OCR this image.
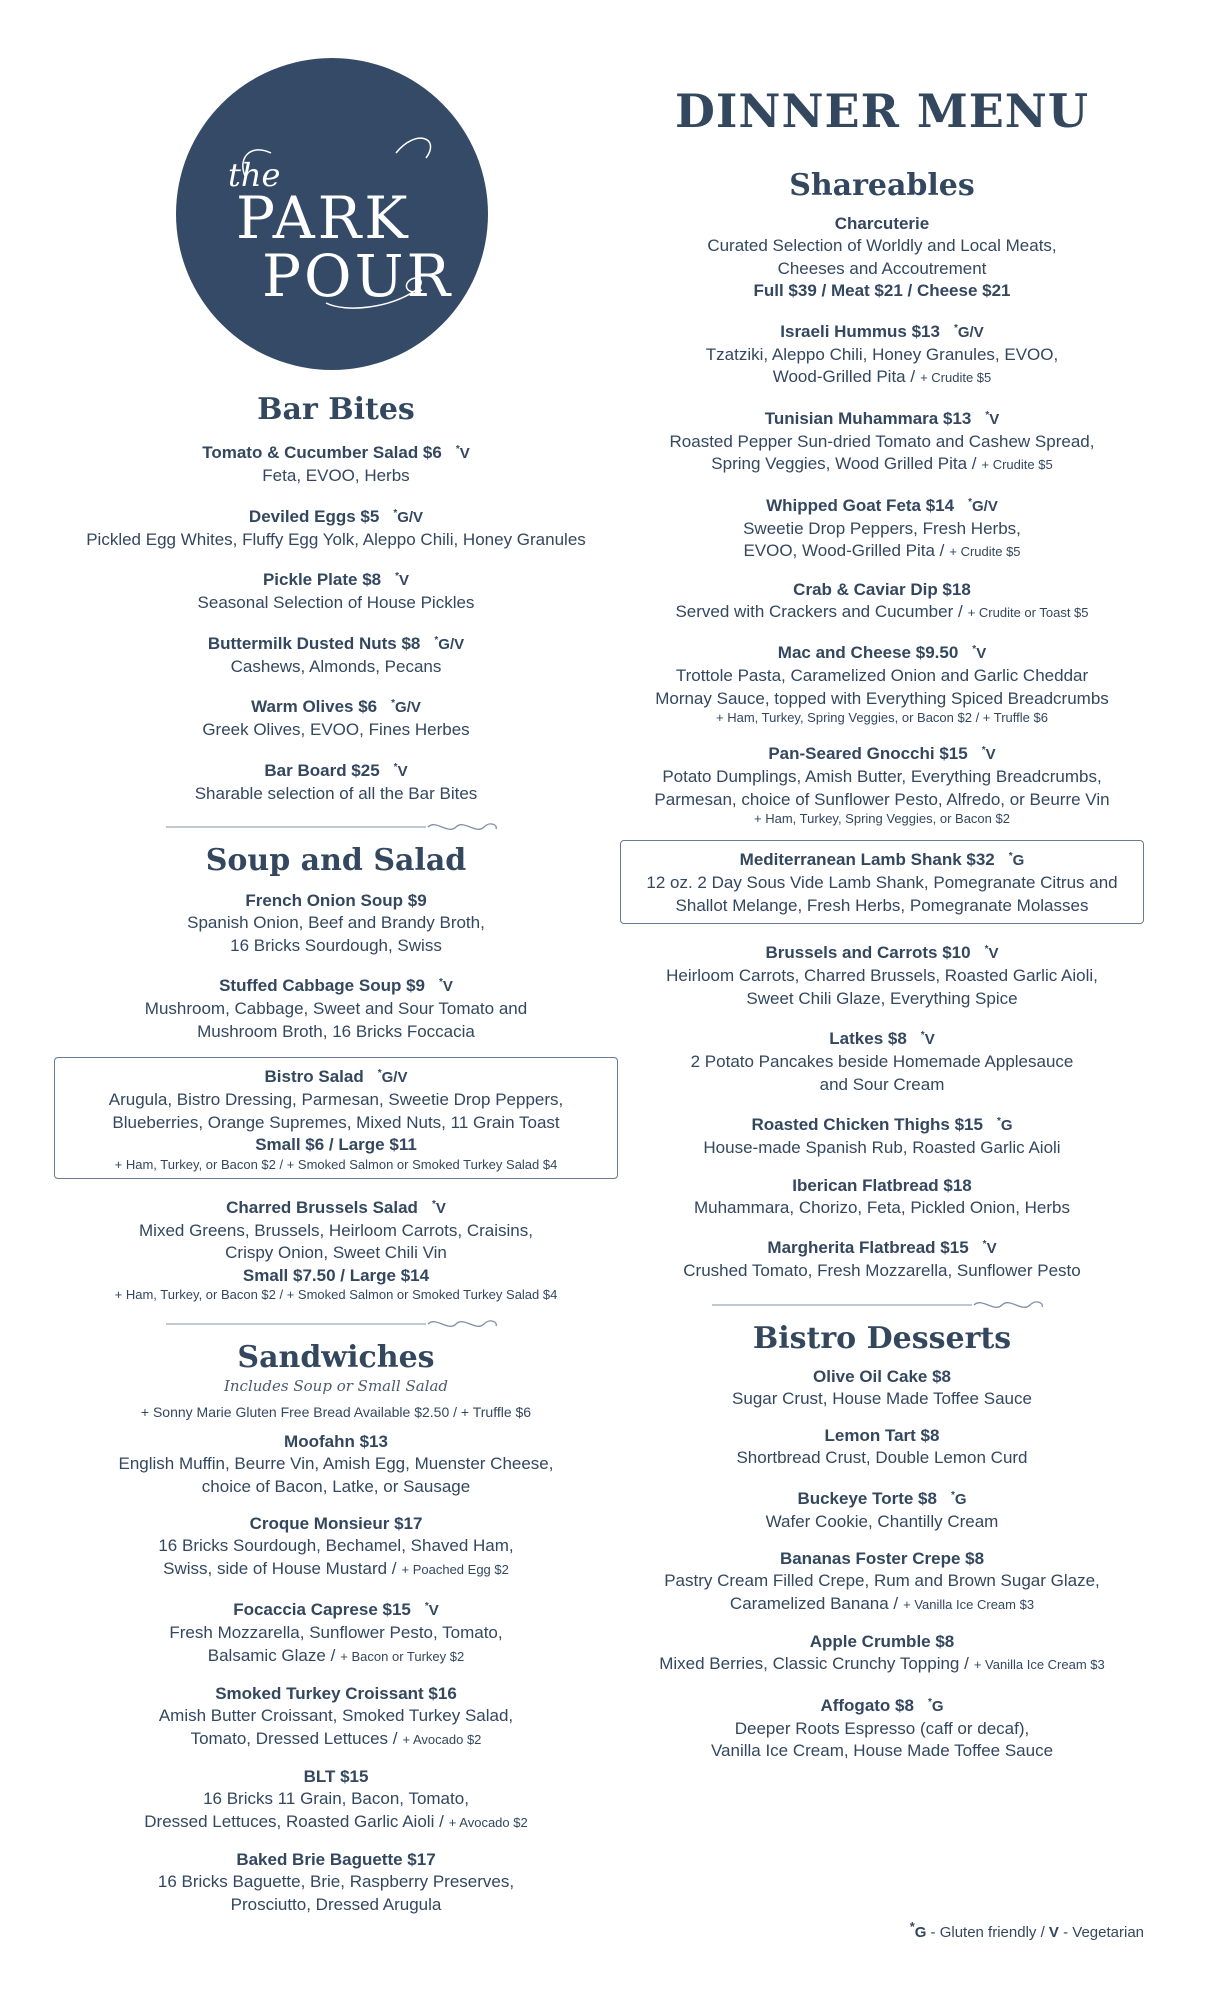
the
PARK
POUR
DINNER MENU
Bar Bites
Tomato & Cucumber Salad $6 *V
Feta, EVOO, Herbs
Deviled Eggs $5 *G/V
Pickled Egg Whites, Fluffy Egg Yolk, Aleppo Chili, Honey Granules
Pickle Plate $8 *V
Seasonal Selection of House Pickles
Buttermilk Dusted Nuts $8 *G/V
Cashews, Almonds, Pecans
Warm Olives $6 *G/V
Greek Olives, EVOO, Fines Herbes
Bar Board $25 *V
Sharable selection of all the Bar Bites
Soup and Salad
French Onion Soup $9
Spanish Onion, Beef and Brandy Broth,
16 Bricks Sourdough, Swiss
Stuffed Cabbage Soup $9 *V
Mushroom, Cabbage, Sweet and Sour Tomato and
Mushroom Broth, 16 Bricks Foccacia
Bistro Salad *G/V
Arugula, Bistro Dressing, Parmesan, Sweetie Drop Peppers,
Blueberries, Orange Supremes, Mixed Nuts, 11 Grain Toast
Small $6 / Large $11
+ Ham, Turkey, or Bacon $2 / + Smoked Salmon or Smoked Turkey Salad $4
Charred Brussels Salad *V
Mixed Greens, Brussels, Heirloom Carrots, Craisins,
Crispy Onion, Sweet Chili Vin
Small $7.50 / Large $14
+ Ham, Turkey, or Bacon $2 / + Smoked Salmon or Smoked Turkey Salad $4
Sandwiches
Includes Soup or Small Salad
+ Sonny Marie Gluten Free Bread Available $2.50 / + Truffle $6
Moofahn $13
English Muffin, Beurre Vin, Amish Egg, Muenster Cheese,
choice of Bacon, Latke, or Sausage
Croque Monsieur $17
16 Bricks Sourdough, Bechamel, Shaved Ham,
Swiss, side of House Mustard / + Poached Egg $2
Focaccia Caprese $15 *V
Fresh Mozzarella, Sunflower Pesto, Tomato,
Balsamic Glaze / + Bacon or Turkey $2
Smoked Turkey Croissant $16
Amish Butter Croissant, Smoked Turkey Salad,
Tomato, Dressed Lettuces / + Avocado $2
BLT $15
16 Bricks 11 Grain, Bacon, Tomato,
Dressed Lettuces, Roasted Garlic Aioli / + Avocado $2
Baked Brie Baguette $17
16 Bricks Baguette, Brie, Raspberry Preserves,
Prosciutto, Dressed Arugula
Shareables
Charcuterie
Curated Selection of Worldly and Local Meats,
Cheeses and Accoutrement
Full $39 / Meat $21 / Cheese $21
Israeli Hummus $13 *G/V
Tzatziki, Aleppo Chili, Honey Granules, EVOO,
Wood-Grilled Pita / + Crudite $5
Tunisian Muhammara $13 *V
Roasted Pepper Sun-dried Tomato and Cashew Spread,
Spring Veggies, Wood Grilled Pita / + Crudite $5
Whipped Goat Feta $14 *G/V
Sweetie Drop Peppers, Fresh Herbs,
EVOO, Wood-Grilled Pita / + Crudite $5
Crab & Caviar Dip $18
Served with Crackers and Cucumber / + Crudite or Toast $5
Mac and Cheese $9.50 *V
Trottole Pasta, Caramelized Onion and Garlic Cheddar
Mornay Sauce, topped with Everything Spiced Breadcrumbs
+ Ham, Turkey, Spring Veggies, or Bacon $2 / + Truffle $6
Pan-Seared Gnocchi $15 *V
Potato Dumplings, Amish Butter, Everything Breadcrumbs,
Parmesan, choice of Sunflower Pesto, Alfredo, or Beurre Vin
+ Ham, Turkey, Spring Veggies, or Bacon $2
Mediterranean Lamb Shank $32 *G
12 oz. 2 Day Sous Vide Lamb Shank, Pomegranate Citrus and
Shallot Melange, Fresh Herbs, Pomegranate Molasses
Brussels and Carrots $10 *V
Heirloom Carrots, Charred Brussels, Roasted Garlic Aioli,
Sweet Chili Glaze, Everything Spice
Latkes $8 *V
2 Potato Pancakes beside Homemade Applesauce
and Sour Cream
Roasted Chicken Thighs $15 *G
House-made Spanish Rub, Roasted Garlic Aioli
Iberican Flatbread $18
Muhammara, Chorizo, Feta, Pickled Onion, Herbs
Margherita Flatbread $15 *V
Crushed Tomato, Fresh Mozzarella, Sunflower Pesto
Bistro Desserts
Olive Oil Cake $8
Sugar Crust, House Made Toffee Sauce
Lemon Tart $8
Shortbread Crust, Double Lemon Curd
Buckeye Torte $8 *G
Wafer Cookie, Chantilly Cream
Bananas Foster Crepe $8
Pastry Cream Filled Crepe, Rum and Brown Sugar Glaze,
Caramelized Banana / + Vanilla Ice Cream $3
Apple Crumble $8
Mixed Berries, Classic Crunchy Topping / + Vanilla Ice Cream $3
Affogato $8 *G
Deeper Roots Espresso (caff or decaf),
Vanilla Ice Cream, House Made Toffee Sauce
*G - Gluten friendly / V - Vegetarian
